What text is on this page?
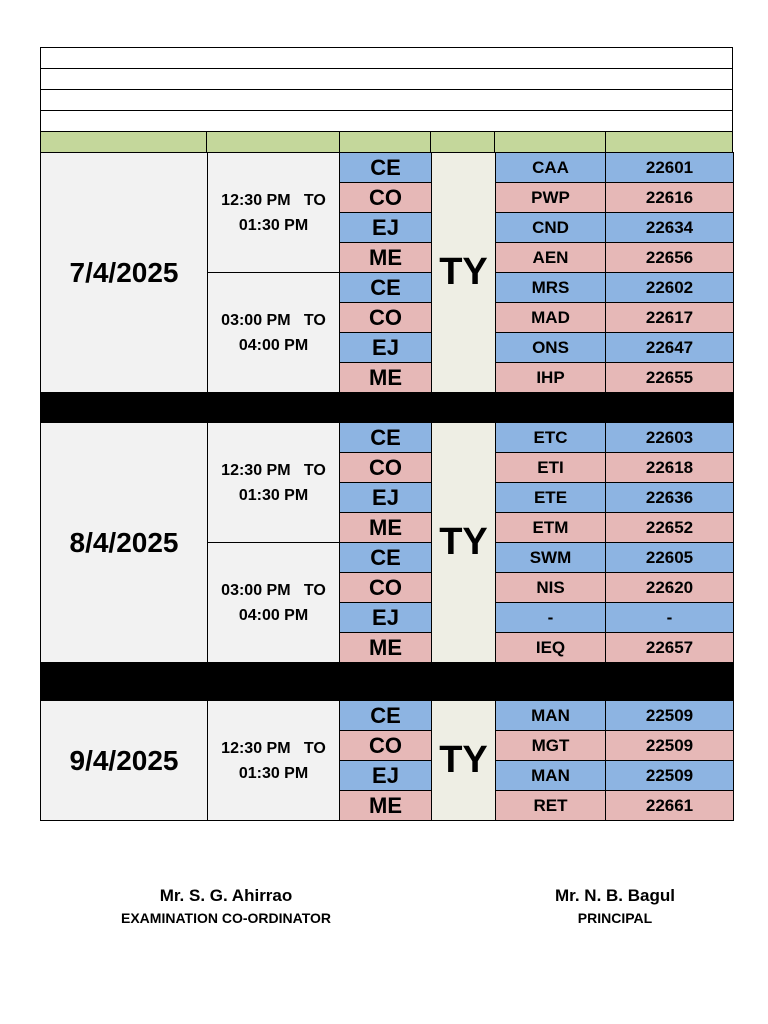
7/4/2025	12:30 PM   TO
01:30 PM	CE	TY	CAA	22601
		CO		PWP	22616
		EJ		CND	22634
		ME		AEN	22656

	03:00 PM   TO
04:00 PM	CE		MRS	22602
		CO		MAD	22617
		EJ		ONS	22647
		ME		IHP	22655

8/4/2025	12:30 PM   TO
01:30 PM	CE	TY	ETC	22603
		CO		ETI	22618
		EJ		ETE	22636
		ME		ETM	22652

	03:00 PM   TO
04:00 PM	CE		SWM	22605
		CO		NIS	22620
		EJ		-	-
		ME		IEQ	22657

9/4/2025	12:30 PM   TO
01:30 PM	CE	TY	MAN	22509
		CO		MGT	22509
		EJ		MAN	22509
		ME		RET	22661
Mr. S. G. Ahirrao
EXAMINATION CO-ORDINATOR
Mr. N. B. Bagul
PRINCIPAL
